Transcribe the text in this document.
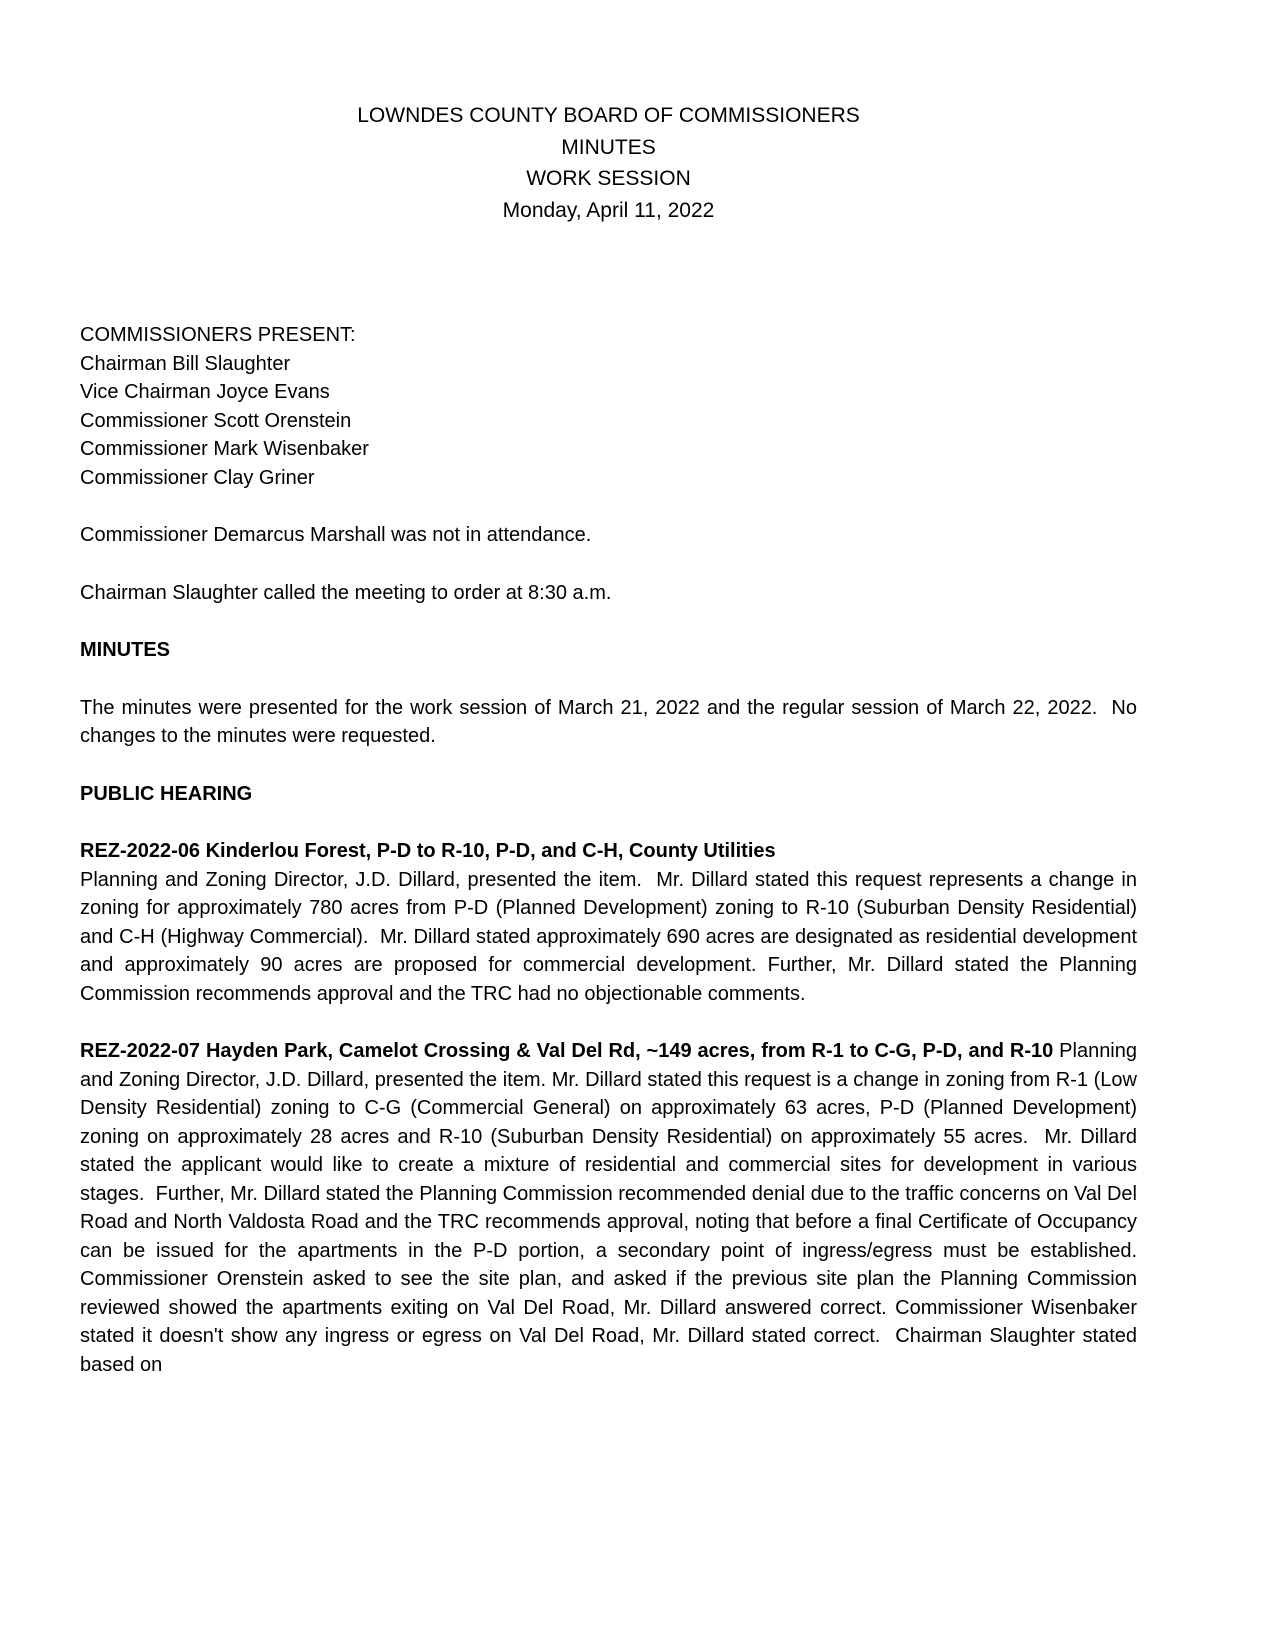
LOWNDES COUNTY BOARD OF COMMISSIONERS
MINUTES
WORK SESSION
Monday, April 11, 2022
COMMISSIONERS PRESENT:
Chairman Bill Slaughter
Vice Chairman Joyce Evans
Commissioner Scott Orenstein
Commissioner Mark Wisenbaker
Commissioner Clay Griner

Commissioner Demarcus Marshall was not in attendance.

Chairman Slaughter called the meeting to order at 8:30 a.m.

MINUTES

The minutes were presented for the work session of March 21, 2022 and the regular session of March 22, 2022.  No changes to the minutes were requested.

PUBLIC HEARING
REZ-2022-06 Kinderlou Forest, P-D to R-10, P-D, and C-H, County Utilities

Planning and Zoning Director, J.D. Dillard, presented the item.  Mr. Dillard stated this request represents a change in zoning for approximately 780 acres from P-D (Planned Development) zoning to R-10 (Suburban Density Residential) and C-H (Highway Commercial).  Mr. Dillard stated approximately 690 acres are designated as residential development and approximately 90 acres are proposed for commercial development. Further, Mr. Dillard stated the Planning Commission recommends approval and the TRC had no objectionable comments.

REZ-2022-07 Hayden Park, Camelot Crossing & Val Del Rd, ~149 acres, from R-1 to C-G, P-D, and R-10 Planning and Zoning Director, J.D. Dillard, presented the item. Mr. Dillard stated this request is a change in zoning from R-1 (Low Density Residential) zoning to C-G (Commercial General) on approximately 63 acres, P-D (Planned Development) zoning on approximately 28 acres and R-10 (Suburban Density Residential) on approximately 55 acres.  Mr. Dillard stated the applicant would like to create a mixture of residential and commercial sites for development in various stages.  Further, Mr. Dillard stated the Planning Commission recommended denial due to the traffic concerns on Val Del Road and North Valdosta Road and the TRC recommends approval, noting that before a final Certificate of Occupancy can be issued for the apartments in the P-D portion, a secondary point of ingress/egress must be established. Commissioner Orenstein asked to see the site plan, and asked if the previous site plan the Planning Commission reviewed showed the apartments exiting on Val Del Road, Mr. Dillard answered correct. Commissioner Wisenbaker stated it doesn't show any ingress or egress on Val Del Road, Mr. Dillard stated correct.  Chairman Slaughter stated based on
